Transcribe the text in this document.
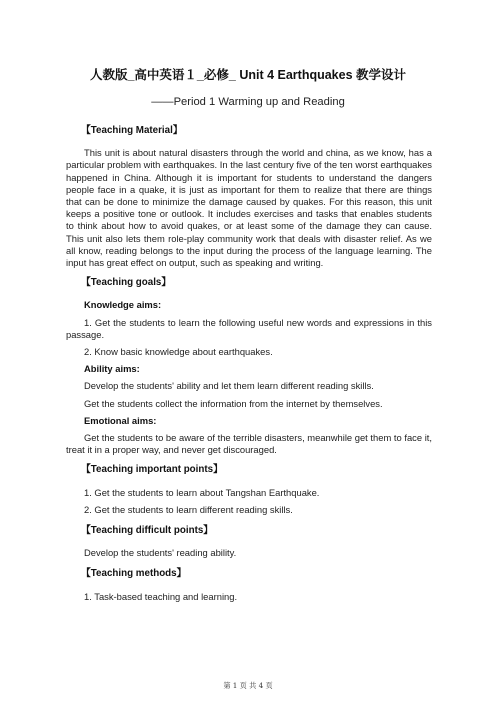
人教版_高中英语１_必修_ Unit 4 Earthquakes 教学设计
——Period 1 Warming up and Reading
【Teaching Material】

This unit is about natural disasters through the world and china, as we know, has a particular problem with earthquakes. In the last century five of the ten worst earthquakes happened in China. Although it is important for students to understand the dangers people face in a quake, it is just as important for them to realize that there are things that can be done to minimize the damage caused by quakes. For this reason, this unit keeps a positive tone or outlook. It includes exercises and tasks that enables students to think about how to avoid quakes, or at least some of the damage they can cause. This unit also lets them role-play community work that deals with disaster relief. As we all know, reading belongs to the input during the process of the language learning. The input has great effect on output, such as speaking and writing.

【Teaching goals】
Knowledge aims:

1. Get the students to learn the following useful new words and expressions in this passage.

2. Know basic knowledge about earthquakes.

Ability aims:

Develop the students' ability and let them learn different reading skills.

Get the students collect the information from the internet by themselves.

Emotional aims:

Get the students to be aware of the terrible disasters, meanwhile get them to face it, treat it in a proper way, and never get discouraged.

【Teaching important points】

1. Get the students to learn about Tangshan Earthquake.

2. Get the students to learn different reading skills.

【Teaching difficult points】

Develop the students' reading ability.

【Teaching methods】

1. Task-based teaching and learning.

第 1 页 共 4 页
